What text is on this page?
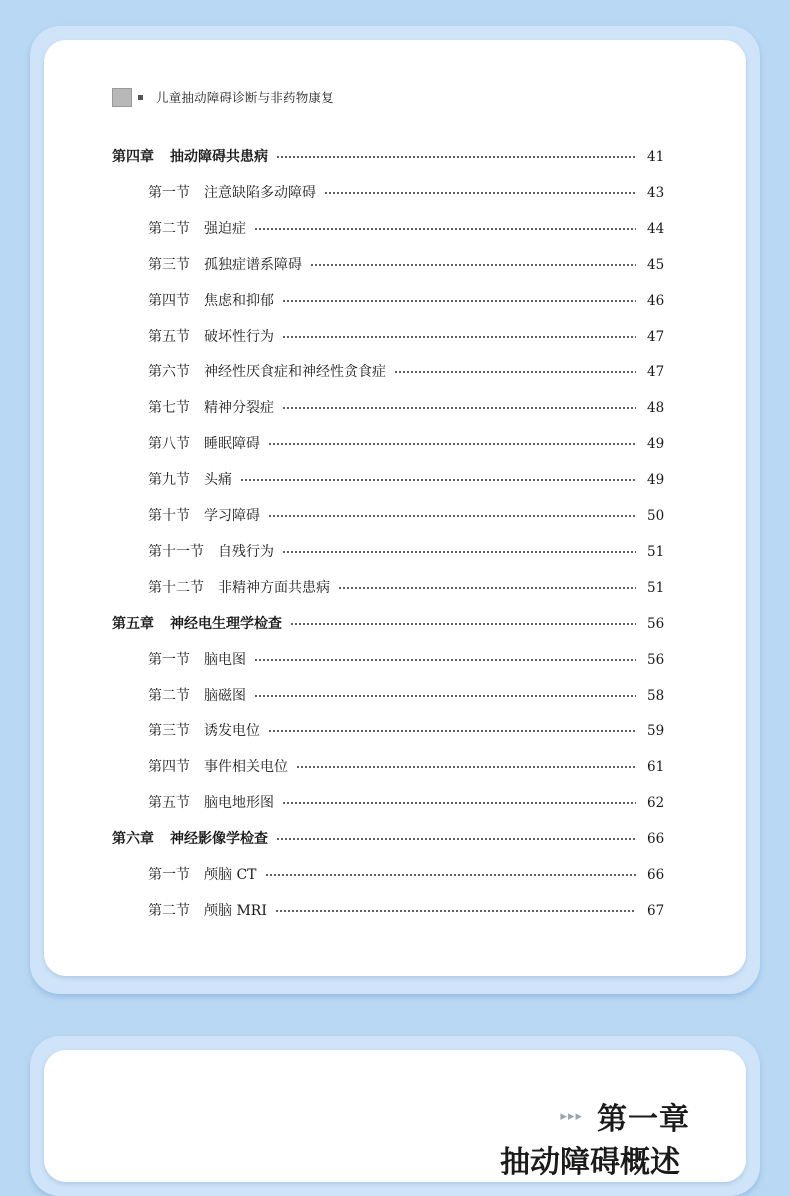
儿童抽动障碍诊断与非药物康复
第四章 抽动障碍共患病	41
第一节 注意缺陷多动障碍	43
第二节 强迫症	44
第三节 孤独症谱系障碍	45
第四节 焦虑和抑郁	46
第五节 破坏性行为	47
第六节 神经性厌食症和神经性贪食症	47
第七节 精神分裂症	48
第八节 睡眠障碍	49
第九节 头痛	49
第十节 学习障碍	50
第十一节 自残行为	51
第十二节 非精神方面共患病	51
第五章 神经电生理学检查	56
第一节 脑电图	56
第二节 脑磁图	58
第三节 诱发电位	59
第四节 事件相关电位	61
第五节 脑电地形图	62
第六章 神经影像学检查	66
第一节 颅脑 CT	66
第二节 颅脑 MRI	67
▸▸▸ 第一章
抽动障碍概述
